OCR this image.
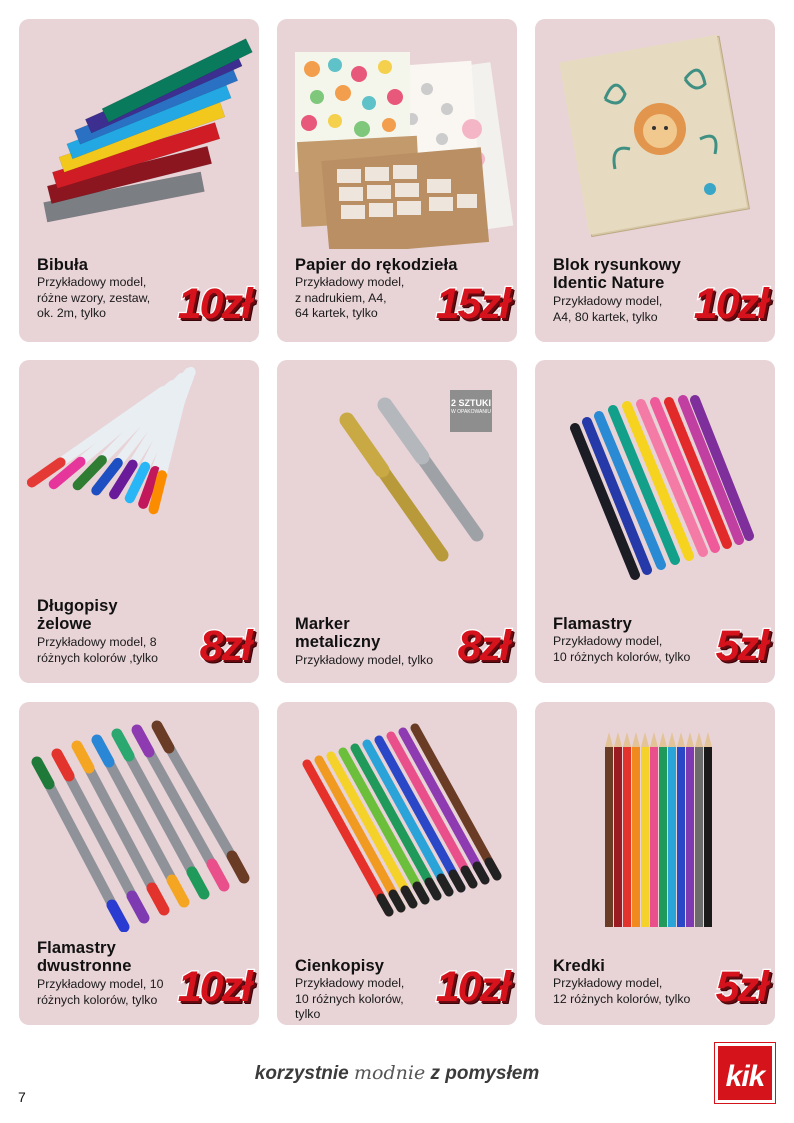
Bibuła
Przykładowy model,
różne wzory, zestaw,
ok. 2m, tylko	10zł
Papier do rękodzieła
Przykładowy model,
z nadrukiem, A4,
64 kartek, tylko	15zł
Blok rysunkowy
Identic Nature
Przykładowy model,
A4, 80 kartek, tylko 10zł
Długopisy
żelowe
Przykładowy model, 8
różnych kolorów ,tylko 8zł
2 SZTUKI
W OPAKOWANIU
Marker
metaliczny
Przykładowy model, tylko 8zł	Flamastry
Przykładowy model,
10 różnych kolorów, tylko 5zł
Flamastry
dwustronne
Przykładowy model, 10
różnych kolorów, tylko 10zł	Cienkopisy
Przykładowy model,
10 różnych kolorów,
tylko
10zł	Kredki
Przykładowy model,
12 różnych kolorów, tylko 5zł
korzystnie modnie z pomysłem
7
kik
